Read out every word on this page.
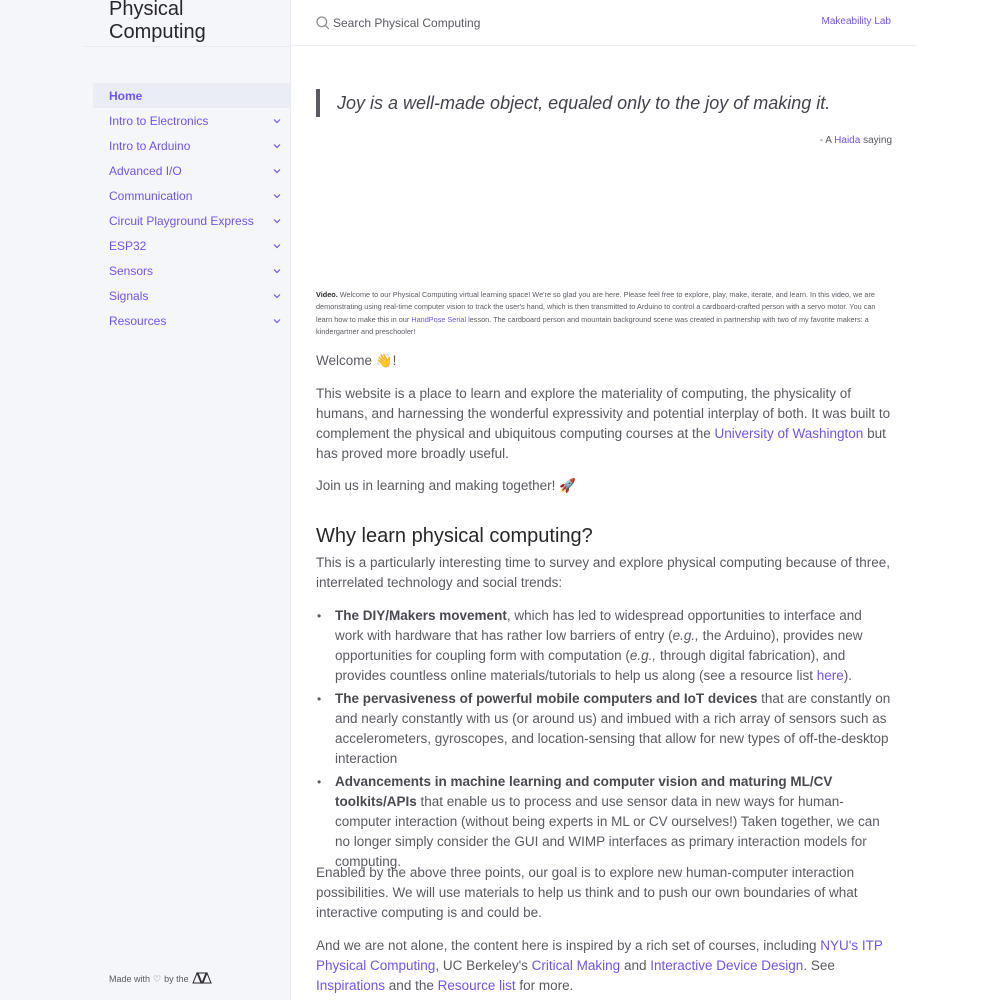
Physical Computing
Home
Intro to Electronics
Intro to Arduino
Advanced I/O
Communication
Circuit Playground Express
ESP32
Sensors
Signals
Resources
Made with ♡ by the
Search Physical Computing
Makeability Lab
Joy is a well-made object, equaled only to the joy of making it.
- A Haida saying
Video. Welcome to our Physical Computing virtual learning space! We're so glad you are here. Please feel free to explore, play, make, iterate, and learn. In this video, we are demonstrating using real-time computer vision to track the user's hand, which is then transmitted to Arduino to control a cardboard-crafted person with a servo motor. You can learn how to make this in our HandPose Serial lesson. The cardboard person and mountain background scene was created in partnership with two of my favorite makers: a kindergartner and preschooler!

Welcome 👋!

This website is a place to learn and explore the materiality of computing, the physicality of humans, and harnessing the wonderful expressivity and potential interplay of both. It was built to complement the physical and ubiquitous computing courses at the University of Washington but has proved more broadly useful.

Join us in learning and making together! 🚀

Why learn physical computing?

This is a particularly interesting time to survey and explore physical computing because of three, interrelated technology and social trends:

• The DIY/Makers movement, which has led to widespread opportunities to interface and work with hardware that has rather low barriers of entry (e.g., the Arduino), provides new opportunities for coupling form with computation (e.g., through digital fabrication), and provides countless online materials/tutorials to help us along (see a resource list here).
• The pervasiveness of powerful mobile computers and IoT devices that are constantly on and nearly constantly with us (or around us) and imbued with a rich array of sensors such as accelerometers, gyroscopes, and location-sensing that allow for new types of off-the-desktop interaction
• Advancements in machine learning and computer vision and maturing ML/CV toolkits/APIs that enable us to process and use sensor data in new ways for human-computer interaction (without being experts in ML or CV ourselves!) Taken together, we can no longer simply consider the GUI and WIMP interfaces as primary interaction models for computing.

Enabled by the above three points, our goal is to explore new human-computer interaction possibilities. We will use materials to help us think and to push our own boundaries of what interactive computing is and could be.

And we are not alone, the content here is inspired by a rich set of courses, including NYU's ITP Physical Computing, UC Berkeley's Critical Making and Interactive Device Design. See Inspirations and the Resource list for more.
